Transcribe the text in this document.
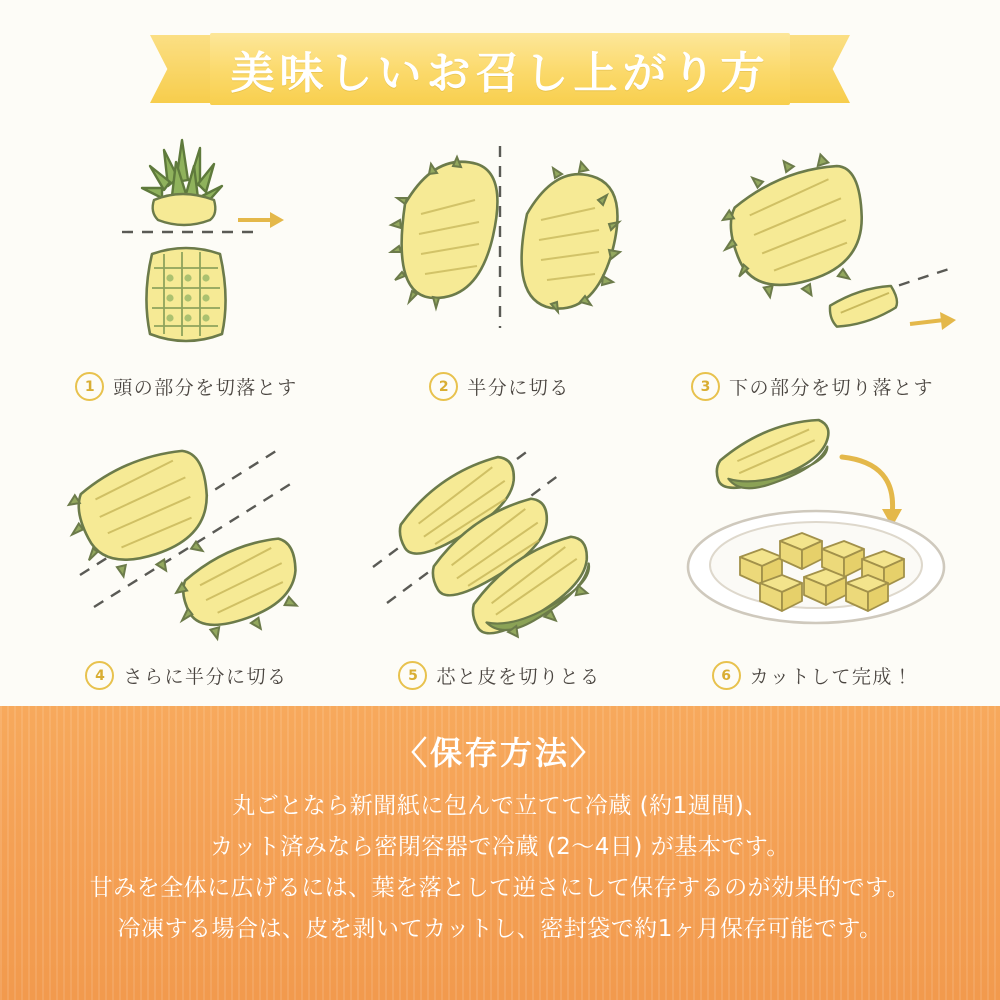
美味しいお召し上がり方
1 頭の部分を切落とす	2 半分に切る	3 下の部分を切り落とす
4 さらに半分に切る	5 芯と皮を切りとる	6 カットして完成！
〈保存方法〉
丸ごとなら新聞紙に包んで立てて冷蔵 (約1週間)、
カット済みなら密閉容器で冷蔵 (2〜4日) が基本です。
甘みを全体に広げるには、葉を落として逆さにして保存するのが効果的です。
冷凍する場合は、皮を剥いてカットし、密封袋で約1ヶ月保存可能です。
